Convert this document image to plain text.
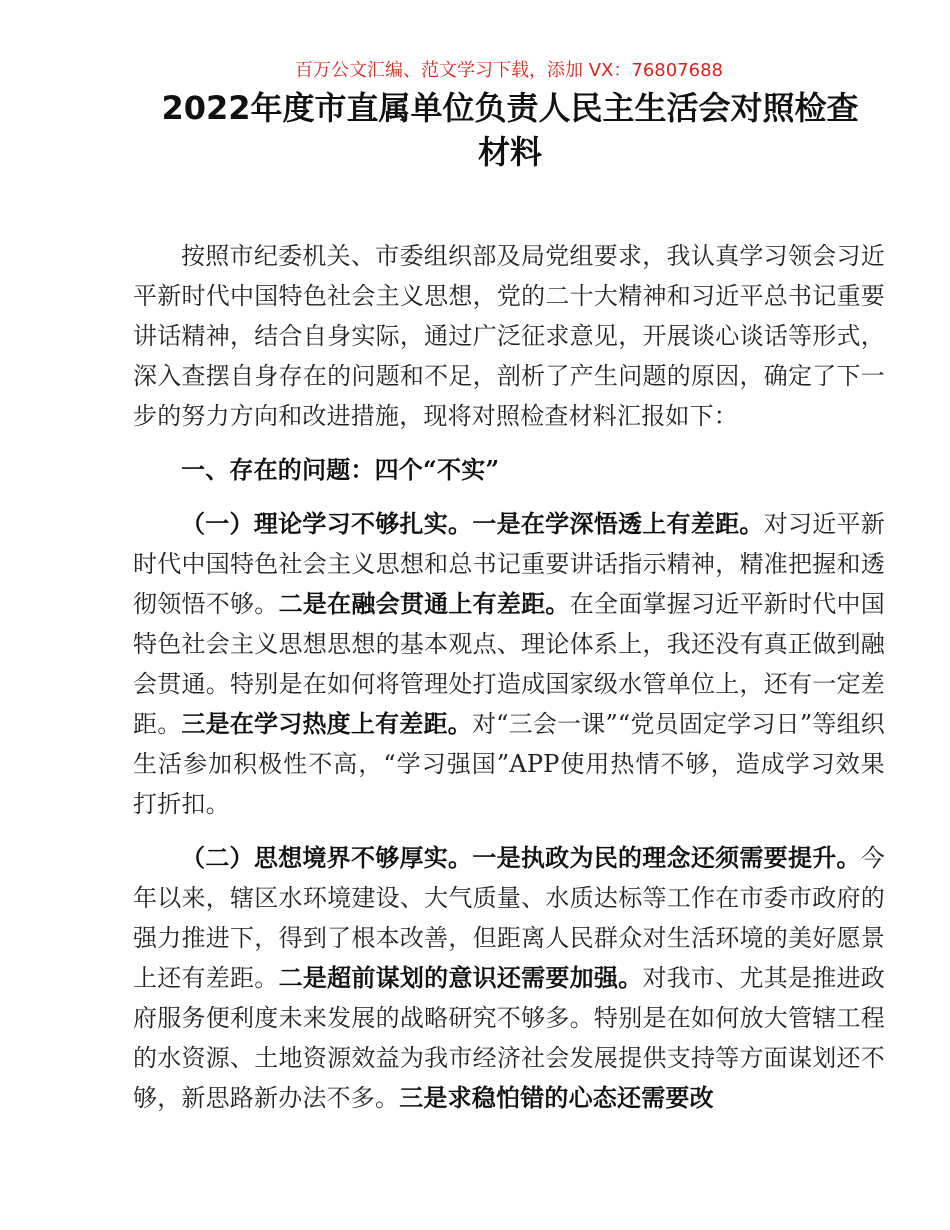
百万公文汇编、范文学习下载，添加 VX：76807688
2022年度市直属单位负责人民主生活会对照检查
材料

按照市纪委机关、市委组织部及局党组要求，我认真学习领会习近平新时代中国特色社会主义思想，党的二十大精神和习近平总书记重要讲话精神，结合自身实际，通过广泛征求意见，开展谈心谈话等形式，深入查摆自身存在的问题和不足，剖析了产生问题的原因，确定了下一步的努力方向和改进措施，现将对照检查材料汇报如下：

一、存在的问题：四个“不实”

（一）理论学习不够扎实。一是在学深悟透上有差距。对习近平新时代中国特色社会主义思想和总书记重要讲话指示精神，精准把握和透彻领悟不够。二是在融会贯通上有差距。在全面掌握习近平新时代中国特色社会主义思想思想的基本观点、理论体系上，我还没有真正做到融会贯通。特别是在如何将管理处打造成国家级水管单位上，还有一定差距。三是在学习热度上有差距。对“三会一课”“党员固定学习日”等组织生活参加积极性不高，“学习强国”APP使用热情不够，造成学习效果打折扣。

（二）思想境界不够厚实。一是执政为民的理念还须需要提升。今年以来，辖区水环境建设、大气质量、水质达标等工作在市委市政府的强力推进下，得到了根本改善，但距离人民群众对生活环境的美好愿景上还有差距。二是超前谋划的意识还需要加强。对我市、尤其是推进政府服务便利度未来发展的战略研究不够多。特别是在如何放大管辖工程的水资源、土地资源效益为我市经济社会发展提供支持等方面谋划还不够，新思路新办法不多。三是求稳怕错的心态还需要改
